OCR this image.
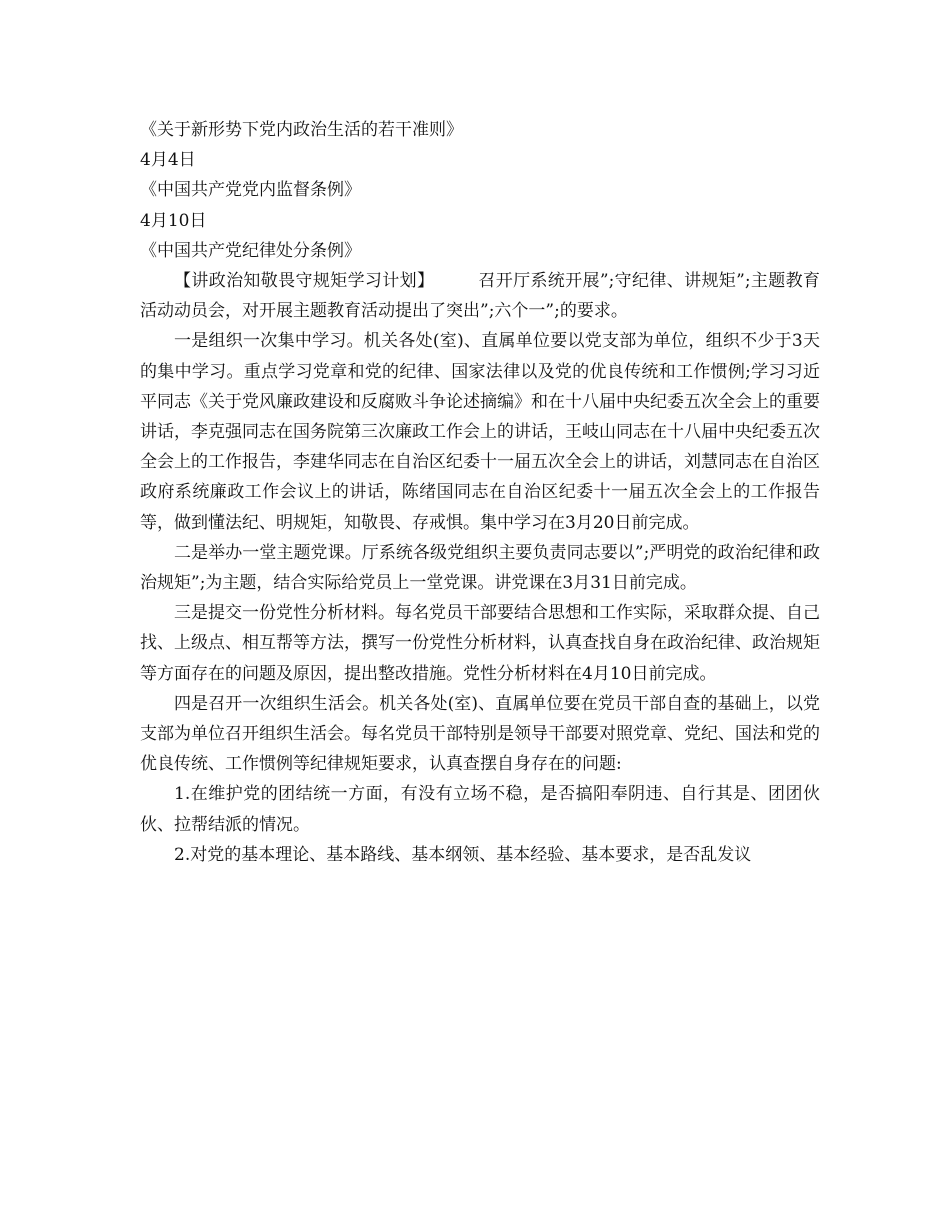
《关于新形势下党内政治生活的若干准则》

4月4日

《中国共产党党内监督条例》

4月10日

《中国共产党纪律处分条例》

【讲政治知敬畏守规矩学习计划】	召开厅系统开展”;守纪律、讲规矩”;主题教育活动动员会，对开展主题教育活动提出了突出”;六个一”;的要求。

一是组织一次集中学习。机关各处(室)、直属单位要以党支部为单位，组织不少于3天的集中学习。重点学习党章和党的纪律、国家法律以及党的优良传统和工作惯例;学习习近平同志《关于党风廉政建设和反腐败斗争论述摘编》和在十八届中央纪委五次全会上的重要讲话，李克强同志在国务院第三次廉政工作会上的讲话，王岐山同志在十八届中央纪委五次全会上的工作报告，李建华同志在自治区纪委十一届五次全会上的讲话，刘慧同志在自治区政府系统廉政工作会议上的讲话，陈绪国同志在自治区纪委十一届五次全会上的工作报告等，做到懂法纪、明规矩，知敬畏、存戒惧。集中学习在3月20日前完成。

二是举办一堂主题党课。厅系统各级党组织主要负责同志要以”;严明党的政治纪律和政治规矩”;为主题，结合实际给党员上一堂党课。讲党课在3月31日前完成。

三是提交一份党性分析材料。每名党员干部要结合思想和工作实际，采取群众提、自己找、上级点、相互帮等方法，撰写一份党性分析材料，认真查找自身在政治纪律、政治规矩等方面存在的问题及原因，提出整改措施。党性分析材料在4月10日前完成。

四是召开一次组织生活会。机关各处(室)、直属单位要在党员干部自查的基础上，以党支部为单位召开组织生活会。每名党员干部特别是领导干部要对照党章、党纪、国法和党的优良传统、工作惯例等纪律规矩要求，认真查摆自身存在的问题:

1.在维护党的团结统一方面，有没有立场不稳，是否搞阳奉阴违、自行其是、团团伙伙、拉帮结派的情况。

2.对党的基本理论、基本路线、基本纲领、基本经验、基本要求，是否乱发议
